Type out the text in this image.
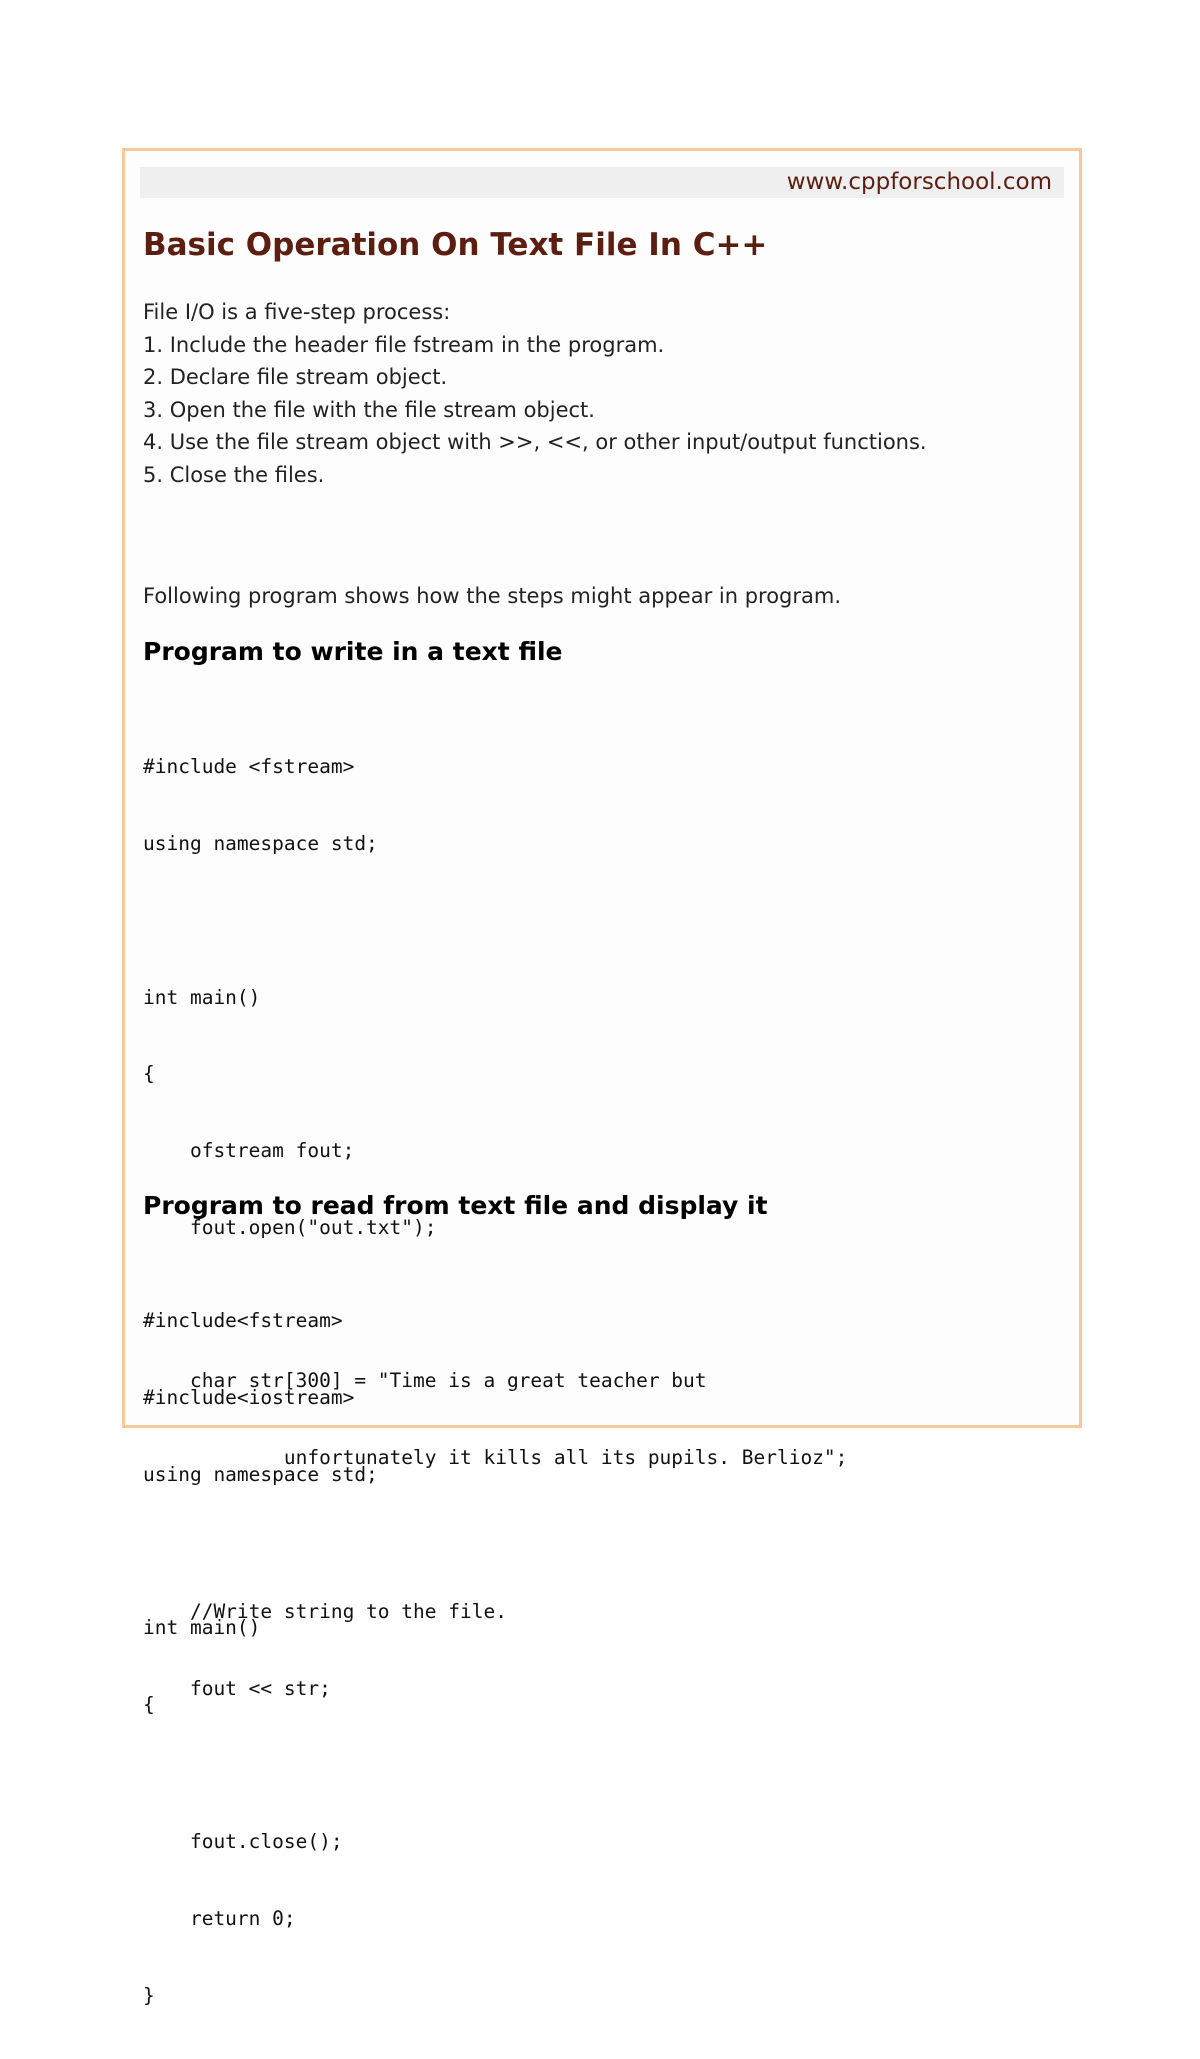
www.cppforschool.com
Basic Operation On Text File In C++
File I/O is a five-step process:
1. Include the header file fstream in the program.
2. Declare file stream object.
3. Open the file with the file stream object.
4. Use the file stream object with >>, <<, or other input/output functions.
5. Close the files.
Following program shows how the steps might appear in program.
Program to write in a text file

#include <fstream>

using namespace std;

int main()

{

ofstream fout;

fout.open("out.txt");

char str[300] = "Time is a great teacher but

unfortunately it kills all its pupils. Berlioz";

//Write string to the file.

fout << str;

fout.close();

return 0;

}

Program to read from text file and display it

#include<fstream>

#include<iostream>

using namespace std;

int main()

{
